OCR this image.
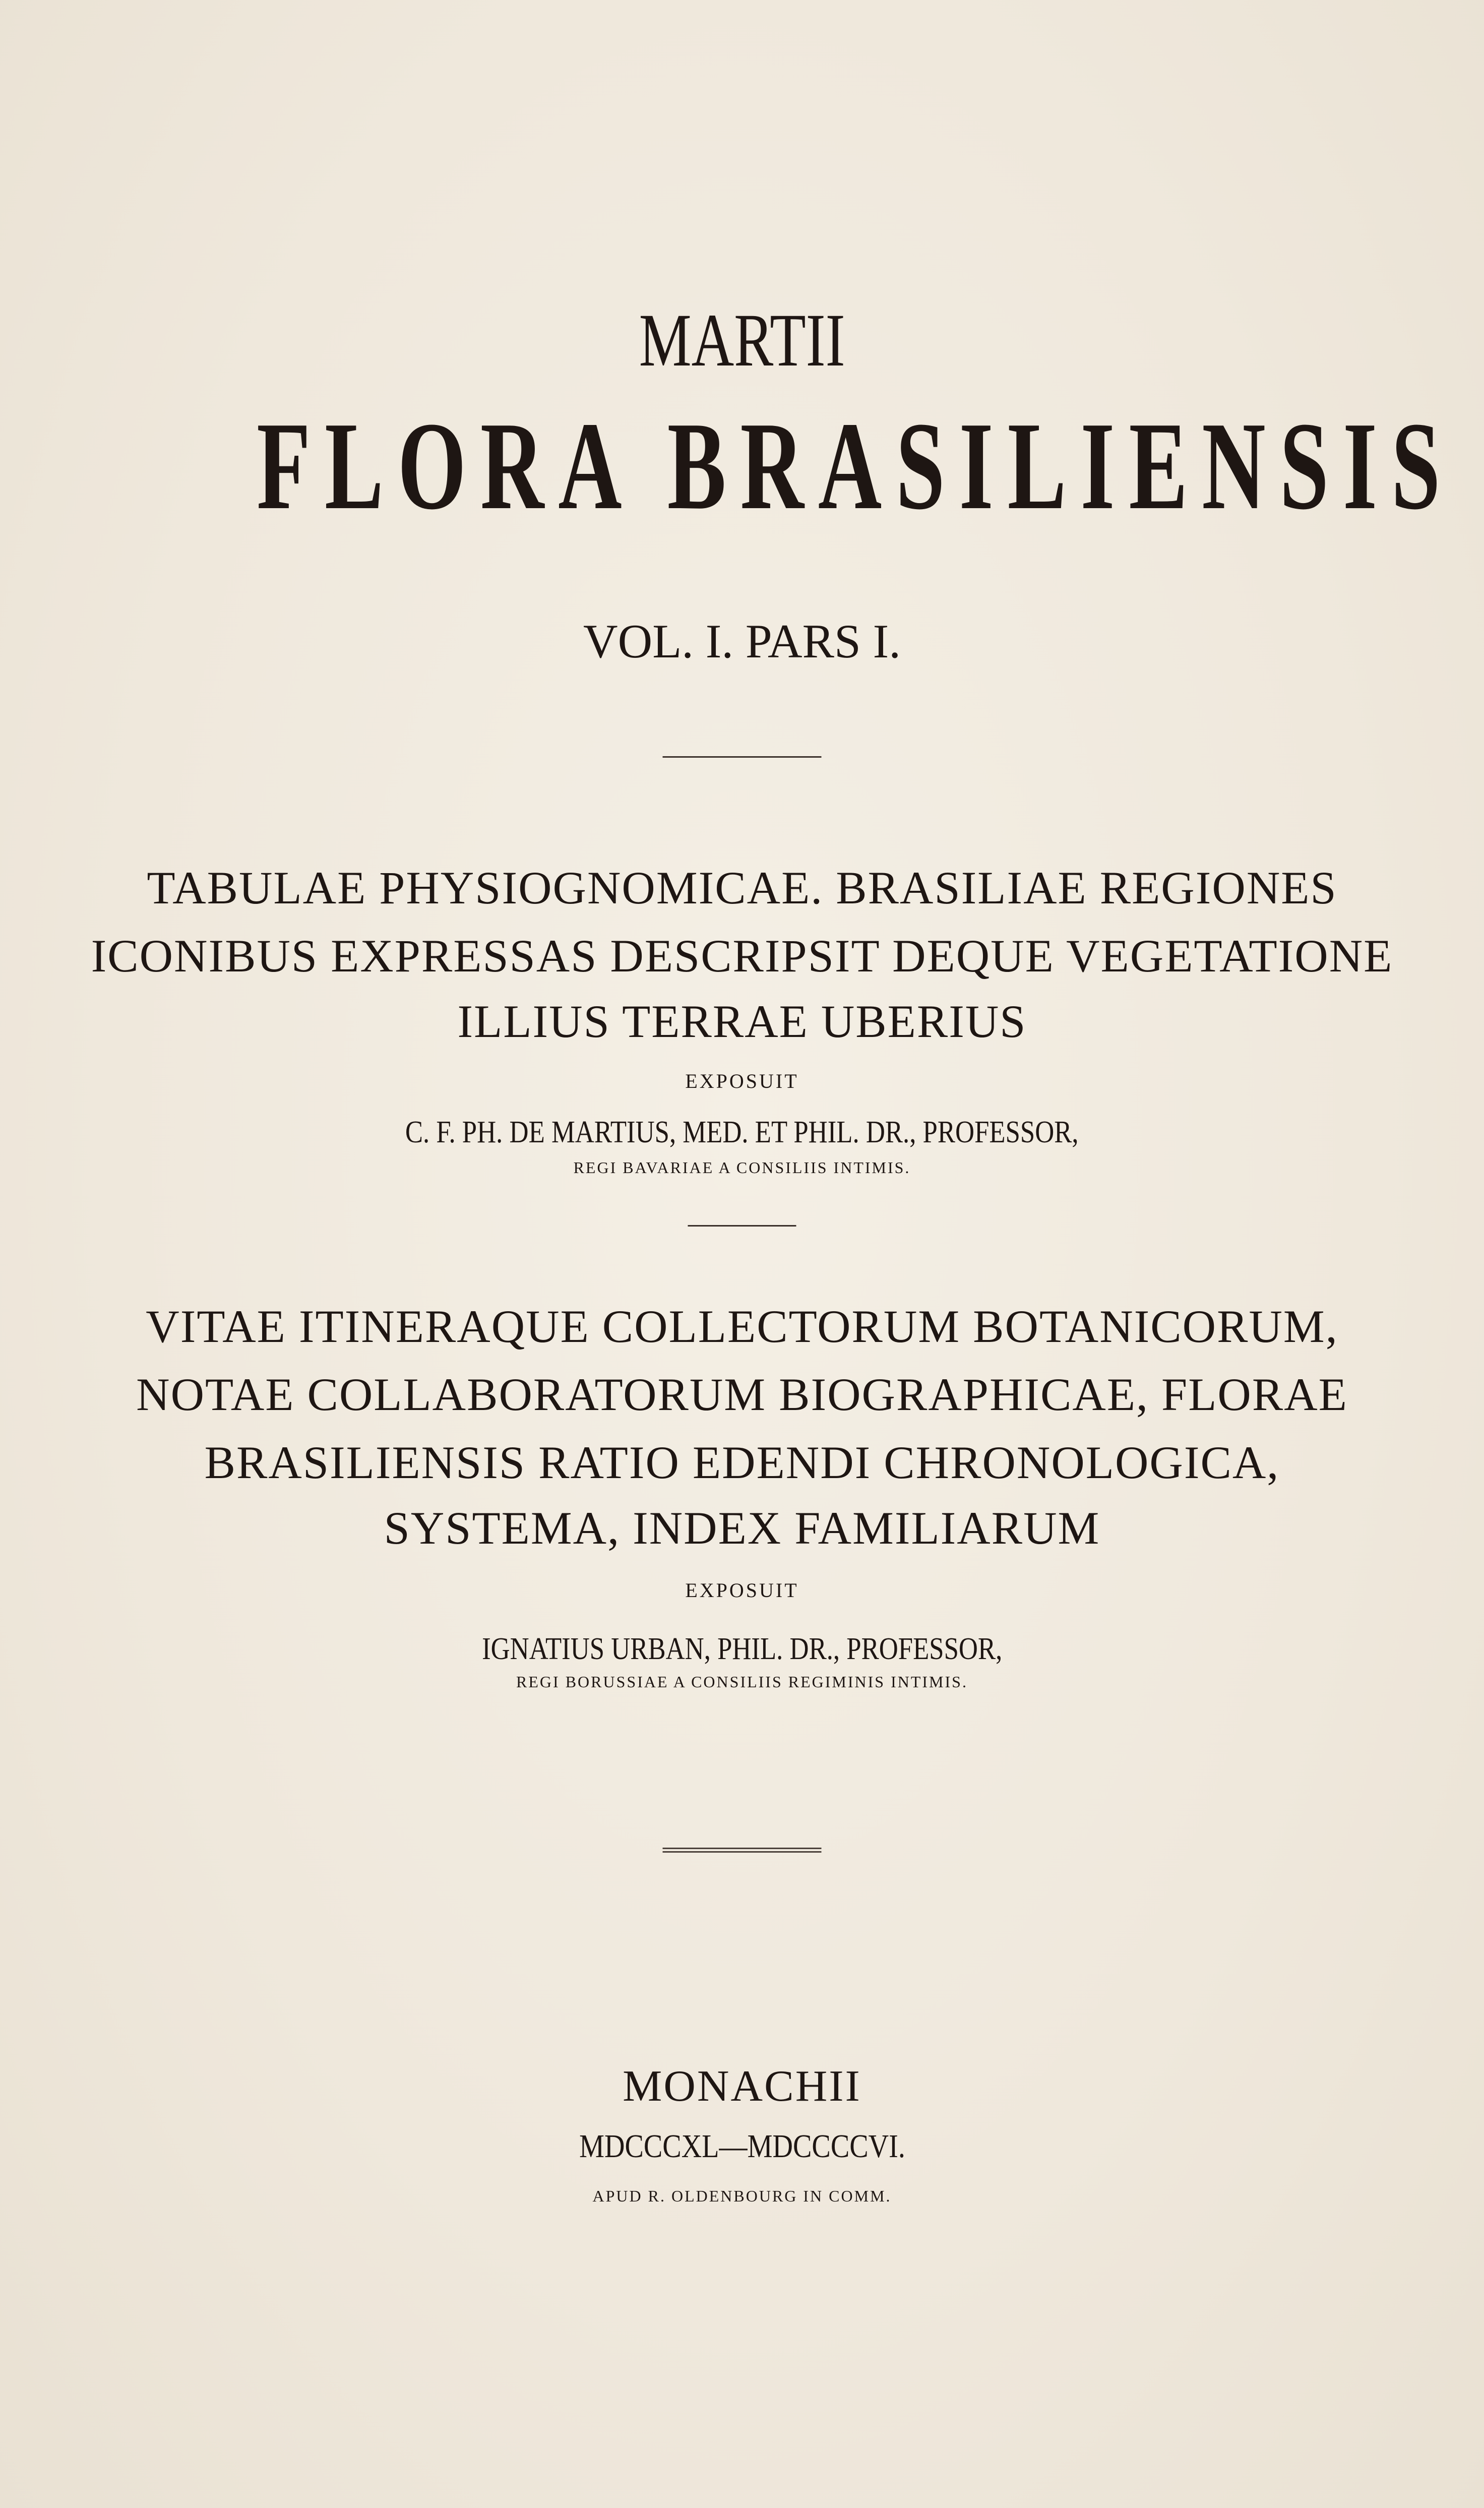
MARTII
FLORA BRASILIENSIS
VOL. I. PARS I.
TABULAE PHYSIOGNOMICAE. BRASILIAE REGIONES
ICONIBUS EXPRESSAS DESCRIPSIT DEQUE VEGETATIONE
ILLIUS TERRAE UBERIUS
EXPOSUIT
C. F. PH. DE MARTIUS, MED. ET PHIL. DR., PROFESSOR,
REGI BAVARIAE A CONSILIIS INTIMIS.
VITAE ITINERAQUE COLLECTORUM BOTANICORUM,
NOTAE COLLABORATORUM BIOGRAPHICAE, FLORAE
BRASILIENSIS RATIO EDENDI CHRONOLOGICA,
SYSTEMA, INDEX FAMILIARUM
EXPOSUIT
IGNATIUS URBAN, PHIL. DR., PROFESSOR,
REGI BORUSSIAE A CONSILIIS REGIMINIS INTIMIS.
MONACHII
MDCCCXL—MDCCCCVI.
APUD R. OLDENBOURG IN COMM.
